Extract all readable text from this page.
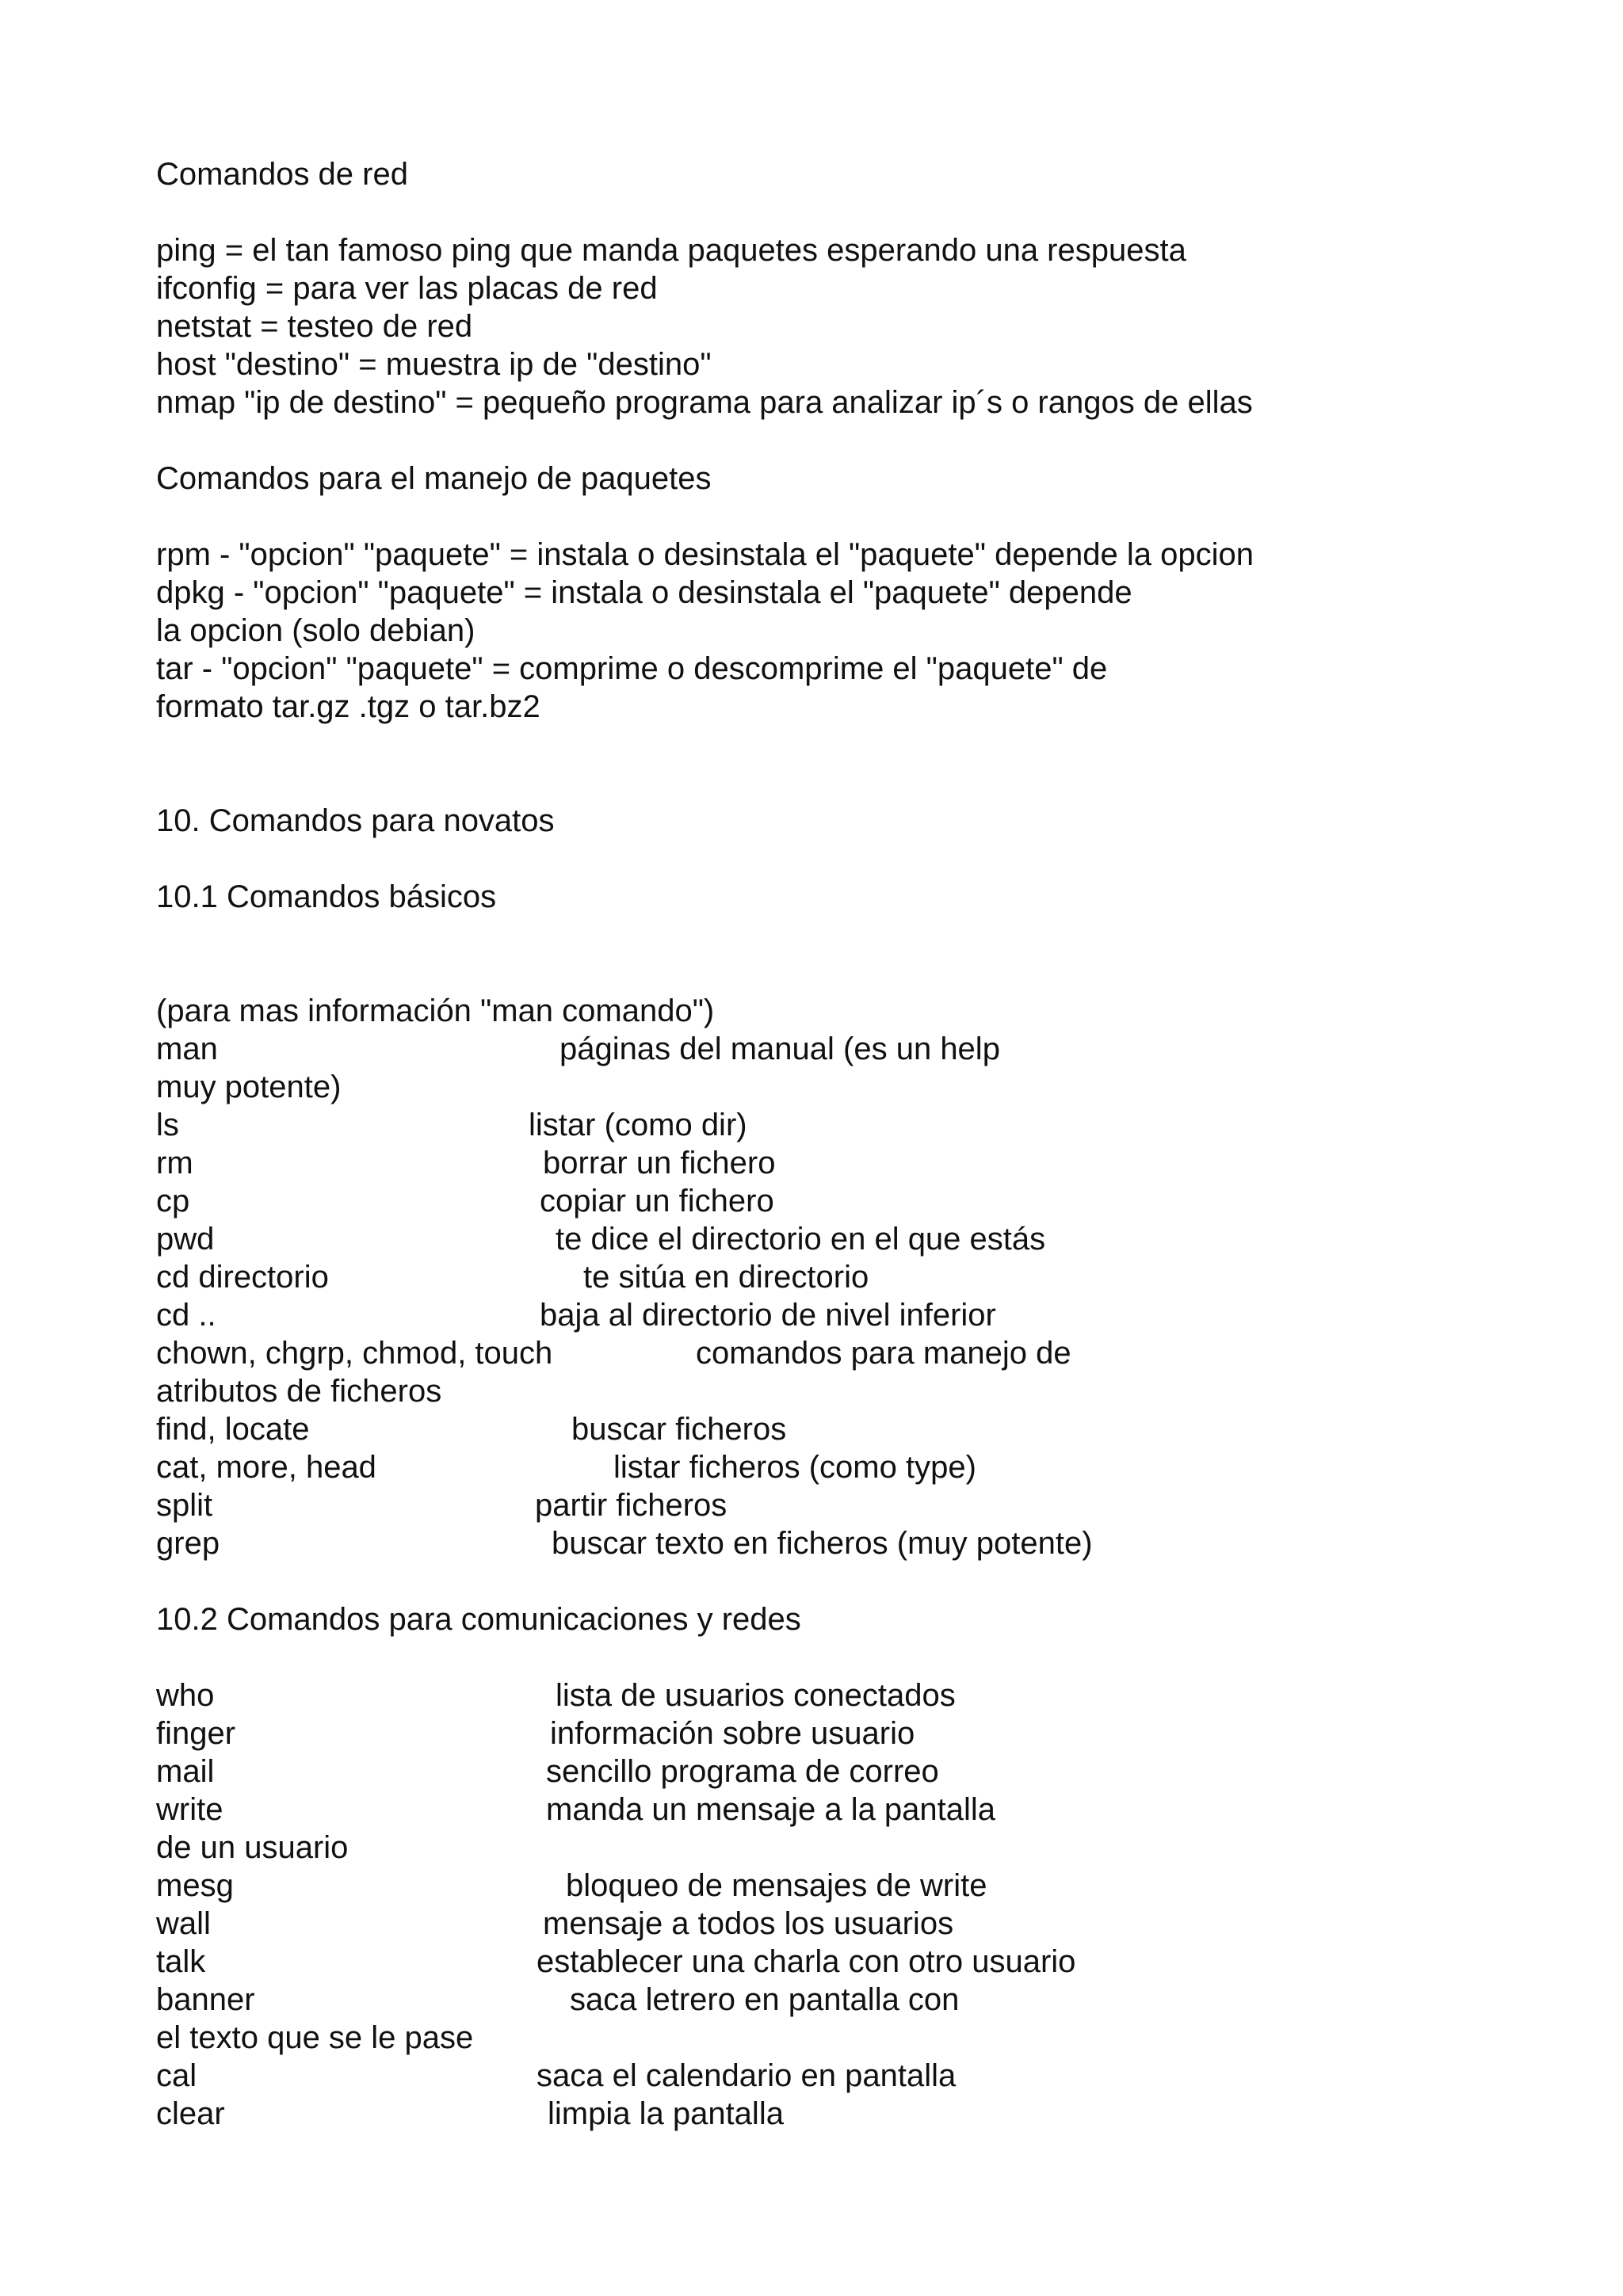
Comandos de red
ping = el tan famoso ping que manda paquetes esperando una respuesta
ifconfig = para ver las placas de red
netstat = testeo de red
host "destino" = muestra ip de "destino"
nmap "ip de destino" = pequeño programa para analizar ip´s o rangos de ellas
Comandos para el manejo de paquetes
rpm - "opcion" "paquete" = instala o desinstala el "paquete" depende la opcion
dpkg - "opcion" "paquete" = instala o desinstala el "paquete" depende
la opcion (solo debian)
tar - "opcion" "paquete" = comprime o descomprime el "paquete" de
formato tar.gz .tgz o tar.bz2
10. Comandos para novatos
10.1 Comandos básicos
(para mas información "man comando")
man	páginas del manual (es un help
muy potente)
ls	listar (como dir)
rm	borrar un fichero
cp	copiar un fichero
pwd	te dice el directorio en el que estás
cd directorio	te sitúa en directorio
cd ..	baja al directorio de nivel inferior
chown, chgrp, chmod, touch	comandos para manejo de
atributos de ficheros
find, locate	buscar ficheros
cat, more, head	listar ficheros (como type)
split	partir ficheros
grep	buscar texto en ficheros (muy potente)
10.2 Comandos para comunicaciones y redes
who	lista de usuarios conectados
finger	información sobre usuario
mail	sencillo programa de correo
write	manda un mensaje a la pantalla
de un usuario
mesg	bloqueo de mensajes de write
wall	mensaje a todos los usuarios
talk	establecer una charla con otro usuario
banner	saca letrero en pantalla con
el texto que se le pase
cal	saca el calendario en pantalla
clear	limpia la pantalla
